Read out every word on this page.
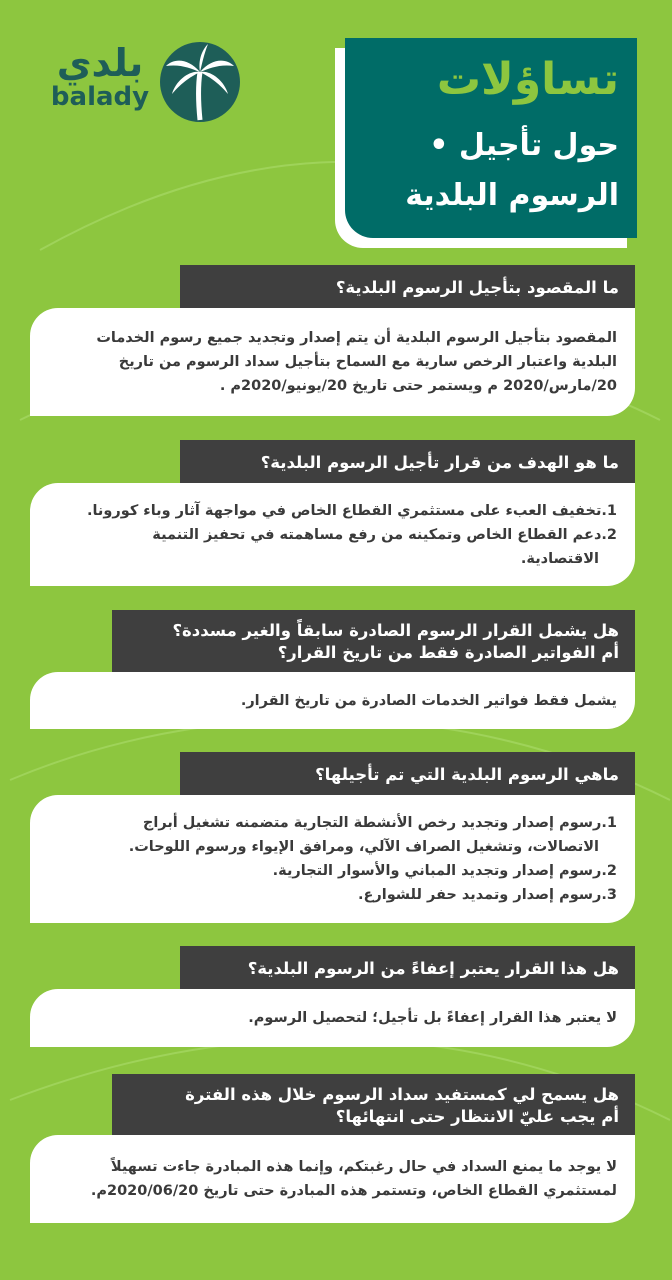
بلدي
balady	تساؤلات
حول تأجيل •
الرسوم البلدية
ما المقصود بتأجيل الرسوم البلدية؟
المقصود بتأجيل الرسوم البلدية أن يتم إصدار وتجديد جميع رسوم الخدمات
البلدية واعتبار الرخص سارية مع السماح بتأجيل سداد الرسوم من تاريخ
20/مارس/2020 م ويستمر حتى تاريخ 20/يونيو/2020م .
ما هو الهدف من قرار تأجيل الرسوم البلدية؟
1.تخفيف العبء على مستثمري القطاع الخاص في مواجهة آثار وباء كورونا.
2.دعم القطاع الخاص وتمكينه من رفع مساهمته في تحفيز التنمية
الاقتصادية.
هل يشمل القرار الرسوم الصادرة سابقاً والغير مسددة؟
أم الفواتير الصادرة فقط من تاريخ القرار؟
يشمل فقط فواتير الخدمات الصادرة من تاريخ القرار.
ماهي الرسوم البلدية التي تم تأجيلها؟
1.رسوم إصدار وتجديد رخص الأنشطة التجارية متضمنه تشغيل أبراج
الاتصالات، وتشغيل الصراف الآلي، ومرافق الإيواء ورسوم اللوحات.
2.رسوم إصدار وتجديد المباني والأسوار التجارية.
3.رسوم إصدار وتمديد حفر للشوارع.
هل هذا القرار يعتبر إعفاءً من الرسوم البلدية؟
لا يعتبر هذا القرار إعفاءً بل تأجيل؛ لتحصيل الرسوم.
هل يسمح لي كمستفيد سداد الرسوم خلال هذه الفترة
أم يجب عليّ الانتظار حتى انتهائها؟
لا يوجد ما يمنع السداد في حال رغبتكم، وإنما هذه المبادرة جاءت تسهيلاً
لمستثمري القطاع الخاص، وتستمر هذه المبادرة حتى تاريخ 2020/06/20م.
